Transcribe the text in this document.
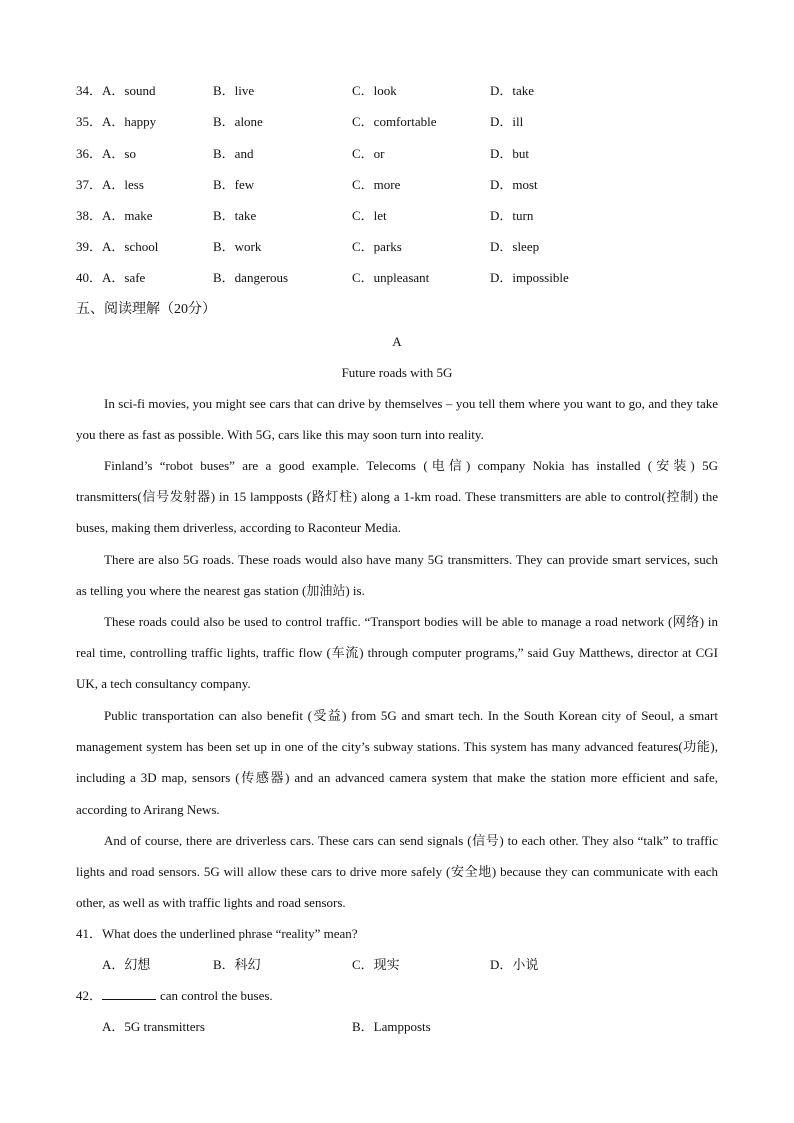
34．A．sound	B．live	C．look	D．take
35．A．happy	B．alone	C．comfortable	D．ill
36．A．so	B．and	C．or	D．but
37．A．less	B．few	C．more	D．most
38．A．make	B．take	C．let	D．turn
39．A．school	B．work	C．parks	D．sleep
40．A．safe	B．dangerous	C．unpleasant	D．impossible
五、阅读理解（20分）
A
Future roads with 5G

In sci-fi movies, you might see cars that can drive by themselves – you tell them where you want to go, and they take you there as fast as possible. With 5G, cars like this may soon turn into reality.

Finland’s “robot buses” are a good example. Telecoms (电信) company Nokia has installed (安装) 5G transmitters(信号发射器) in 15 lampposts (路灯柱) along a 1-km road. These transmitters are able to control(控制) the buses, making them driverless, according to Raconteur Media.

There are also 5G roads. These roads would also have many 5G transmitters. They can provide smart services, such as telling you where the nearest gas station (加油站) is.

These roads could also be used to control traffic. “Transport bodies will be able to manage a road network (网络) in real time, controlling traffic lights, traffic flow (车流) through computer programs,” said Guy Matthews, director at CGI UK, a tech consultancy company.

Public transportation can also benefit (受益) from 5G and smart tech. In the South Korean city of Seoul, a smart management system has been set up in one of the city’s subway stations. This system has many advanced features(功能), including a 3D map, sensors (传感器) and an advanced camera system that make the station more efficient and safe, according to Arirang News.

And of course, there are driverless cars. These cars can send signals (信号) to each other. They also “talk” to traffic lights and road sensors. 5G will allow these cars to drive more safely (安全地) because they can communicate with each other, as well as with traffic lights and road sensors.

41．What does the underlined phrase “reality” mean?
A．幻想	B．科幻	C．现实	D．小说
42．	can control the buses.
A．5G transmitters	B．Lampposts
